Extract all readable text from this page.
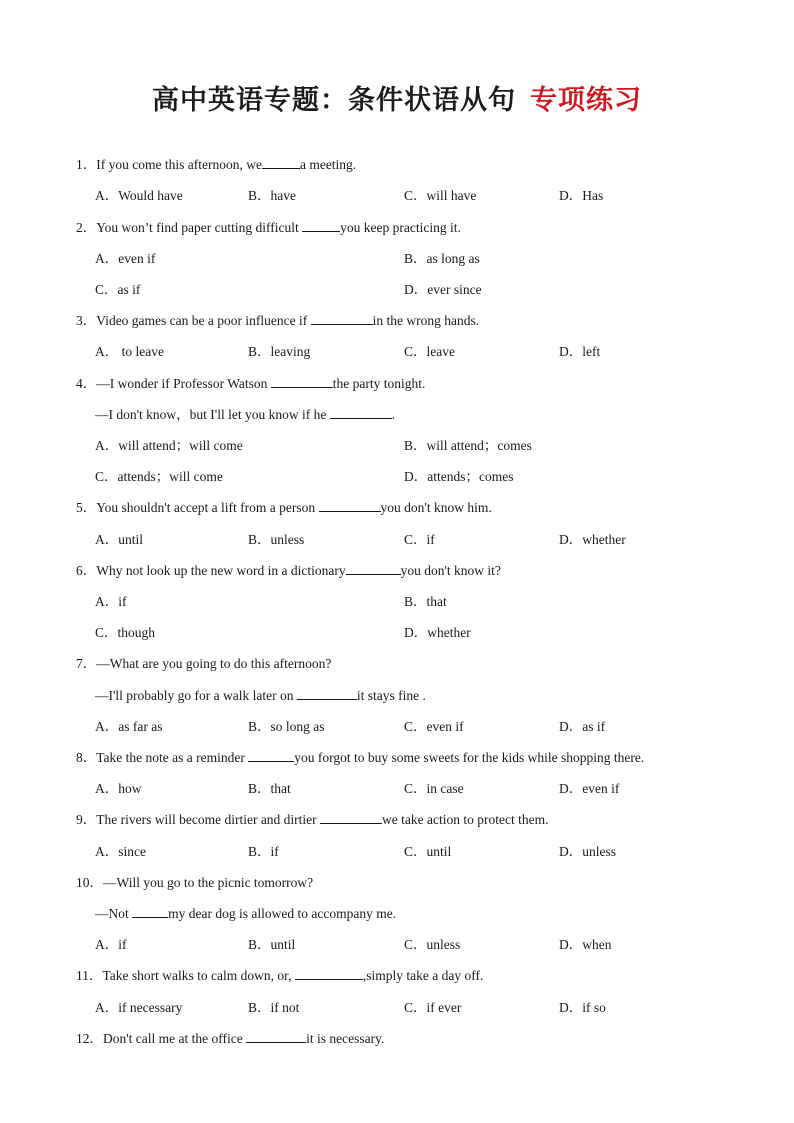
高中英语专题：条件状语从句 专项练习
1．If you come this afternoon, we	a meeting.
A．Would have	B．have	C．will have	D．Has
2．You won’t find paper cutting difficult	you keep practicing it.
A．even if	B．as long as
C．as if	D．ever since
3．Video games can be a poor influence if	in the wrong hands.
A． to leave	B．leaving	C．leave	D．left
4．—I wonder if Professor Watson	the party tonight.
—I don't know，but I'll let you know if he	.
A．will attend；will come	B．will attend；comes
C．attends；will come	D．attends；comes
5．You shouldn't accept a lift from a person	you don't know him.
A．until	B．unless	C．if	D．whether
6．Why not look up the new word in a dictionary	you don't know it?
A．if	B．that
C．though	D．whether
7．—What are you going to do this afternoon?
—I'll probably go for a walk later on	it stays fine .
A．as far as	B．so long as	C．even if	D．as if
8．Take the note as a reminder	you forgot to buy some sweets for the kids while shopping there.
A．how	B．that	C．in case	D．even if
9．The rivers will become dirtier and dirtier	we take action to protect them.
A．since	B．if	C．until	D．unless
10．—Will you go to the picnic tomorrow?
—Not	my dear dog is allowed to accompany me.
A．if	B．until	C．unless	D．when
11．Take short walks to calm down, or,	,simply take a day off.
A．if necessary	B．if not	C．if ever	D．if so
12．Don't call me at the office	it is necessary.
